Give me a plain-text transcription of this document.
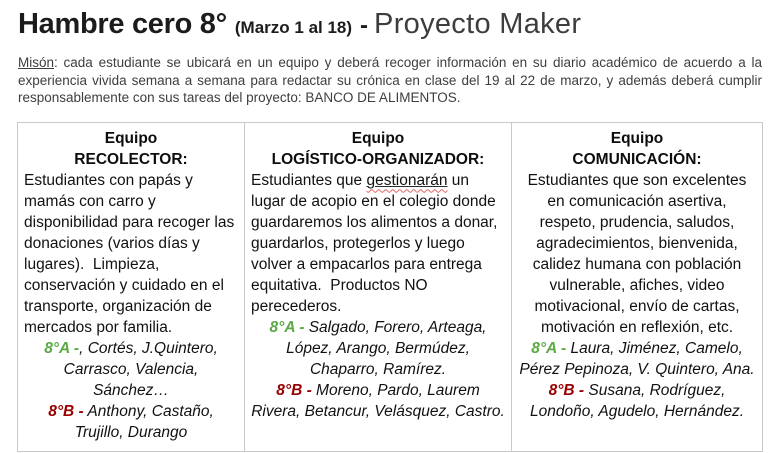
Hambre cero 8° (Marzo 1 al 18) - Proyecto Maker

Misón: cada estudiante se ubicará en un equipo y deberá recoger información en su diario académico de acuerdo a la experiencia vivida semana a semana para redactar su crónica en clase del 19 al 22 de marzo, y además deberá cumplir responsablemente con sus tareas del proyecto: BANCO DE ALIMENTOS.

Equipo
RECOLECTOR:
Estudiantes con papás y mamás con carro y disponibilidad para recoger las donaciones (varios días y lugares).  Limpieza, conservación y cuidado en el transporte, organización de mercados por familia.
8°A -, Cortés, J.Quintero, Carrasco, Valencia, Sánchez…
8°B - Anthony, Castaño, Trujillo, Durango

Equipo
LOGÍSTICO-ORGANIZADOR:
Estudiantes que gestionarán un lugar de acopio en el colegio donde guardaremos los alimentos a donar, guardarlos, protegerlos y luego volver a empacarlos para entrega equitativa.  Productos NO perecederos.
8°A - Salgado, Forero, Arteaga, López, Arango, Bermúdez, Chaparro, Ramírez.
8°B - Moreno, Pardo, Laurem Rivera, Betancur, Velásquez, Castro.

Equipo
COMUNICACIÓN:
Estudiantes que son excelentes en comunicación asertiva, respeto, prudencia, saludos, agradecimientos, bienvenida, calidez humana con población vulnerable, afiches, video motivacional, envío de cartas, motivación en reflexión, etc.
8°A - Laura, Jiménez, Camelo, Pérez Pepinoza, V. Quintero, Ana.
8°B - Susana, Rodríguez, Londoño, Agudelo, Hernández.
